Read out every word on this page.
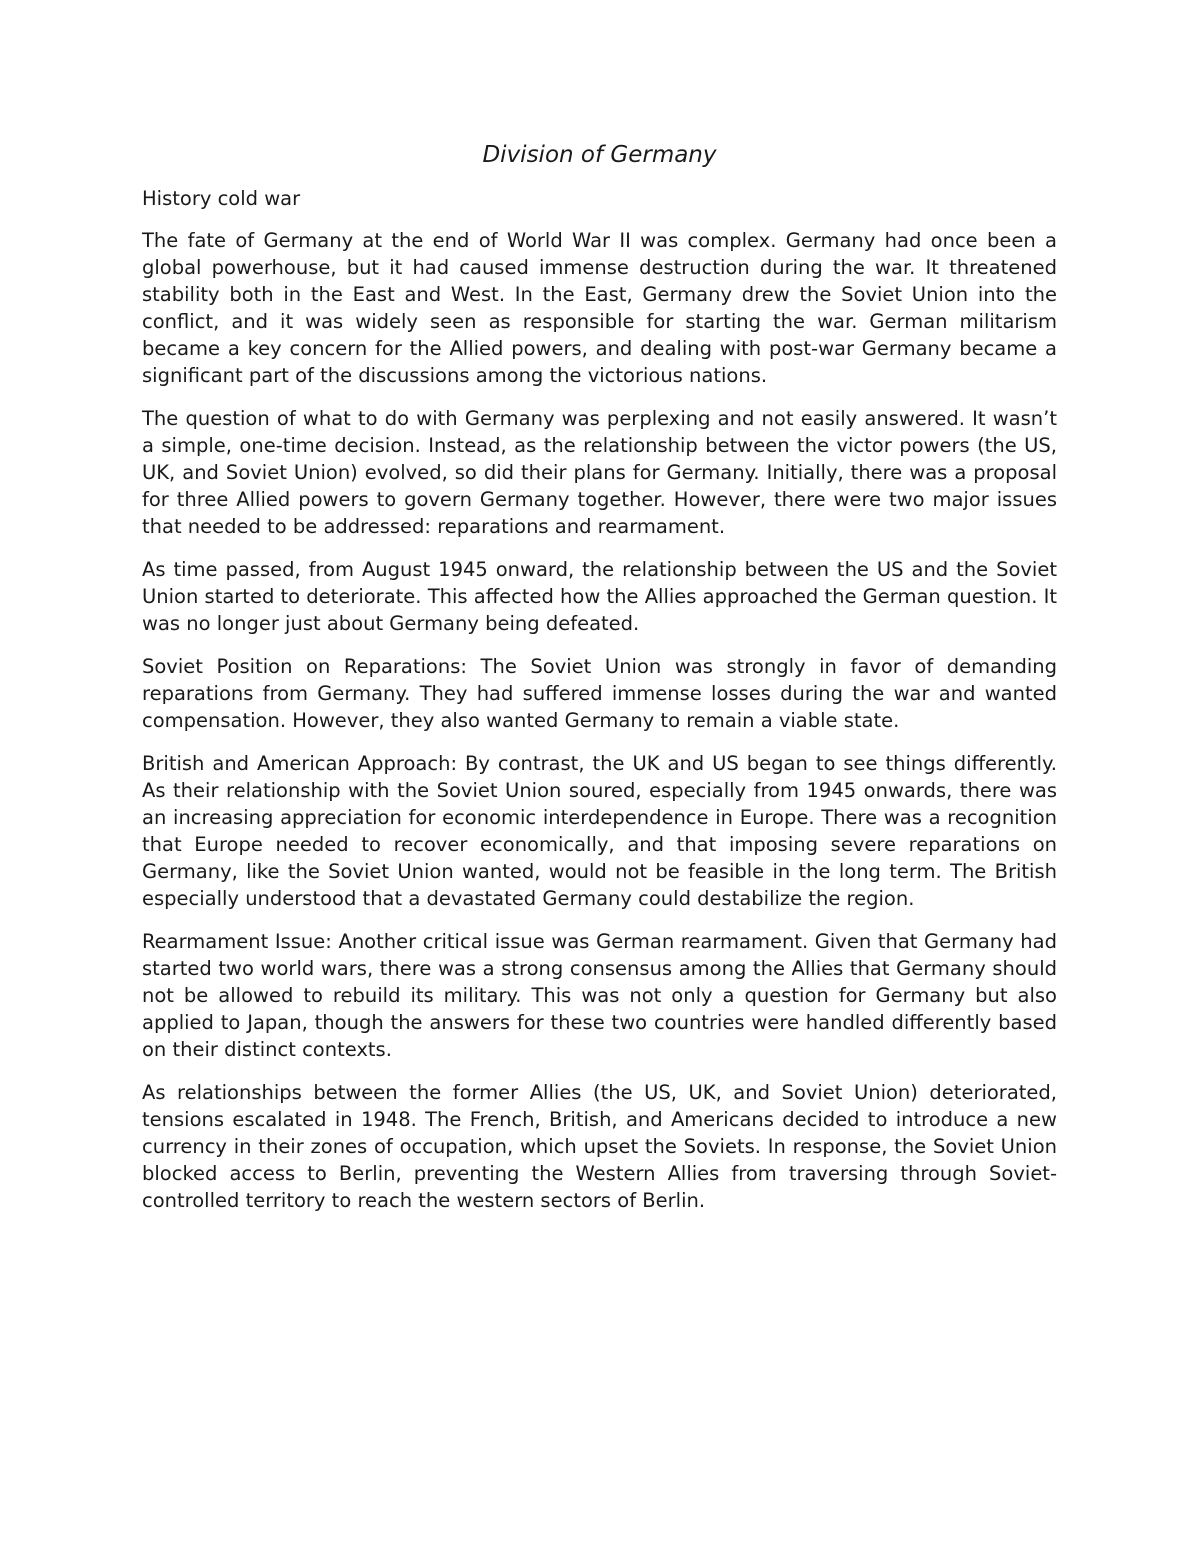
Division of Germany

History cold war

The fate of Germany at the end of World War II was complex. Germany had once been a global powerhouse, but it had caused immense destruction during the war. It threatened stability both in the East and West. In the East, Germany drew the Soviet Union into the conflict, and it was widely seen as responsible for starting the war. German militarism became a key concern for the Allied powers, and dealing with post-war Germany became a significant part of the discussions among the victorious nations.

The question of what to do with Germany was perplexing and not easily answered. It wasn’t a simple, one-time decision. Instead, as the relationship between the victor powers (the US, UK, and Soviet Union) evolved, so did their plans for Germany. Initially, there was a proposal for three Allied powers to govern Germany together. However, there were two major issues that needed to be addressed: reparations and rearmament.

As time passed, from August 1945 onward, the relationship between the US and the Soviet Union started to deteriorate. This affected how the Allies approached the German question. It was no longer just about Germany being defeated.

Soviet Position on Reparations: The Soviet Union was strongly in favor of demanding reparations from Germany. They had suffered immense losses during the war and wanted compensation. However, they also wanted Germany to remain a viable state.

British and American Approach: By contrast, the UK and US began to see things differently. As their relationship with the Soviet Union soured, especially from 1945 onwards, there was an increasing appreciation for economic interdependence in Europe. There was a recognition that Europe needed to recover economically, and that imposing severe reparations on Germany, like the Soviet Union wanted, would not be feasible in the long term. The British especially understood that a devastated Germany could destabilize the region.

Rearmament Issue: Another critical issue was German rearmament. Given that Germany had started two world wars, there was a strong consensus among the Allies that Germany should not be allowed to rebuild its military. This was not only a question for Germany but also applied to Japan, though the answers for these two countries were handled differently based on their distinct contexts.

As relationships between the former Allies (the US, UK, and Soviet Union) deteriorated, tensions escalated in 1948. The French, British, and Americans decided to introduce a new currency in their zones of occupation, which upset the Soviets. In response, the Soviet Union blocked access to Berlin, preventing the Western Allies from traversing through Soviet-controlled territory to reach the western sectors of Berlin.
